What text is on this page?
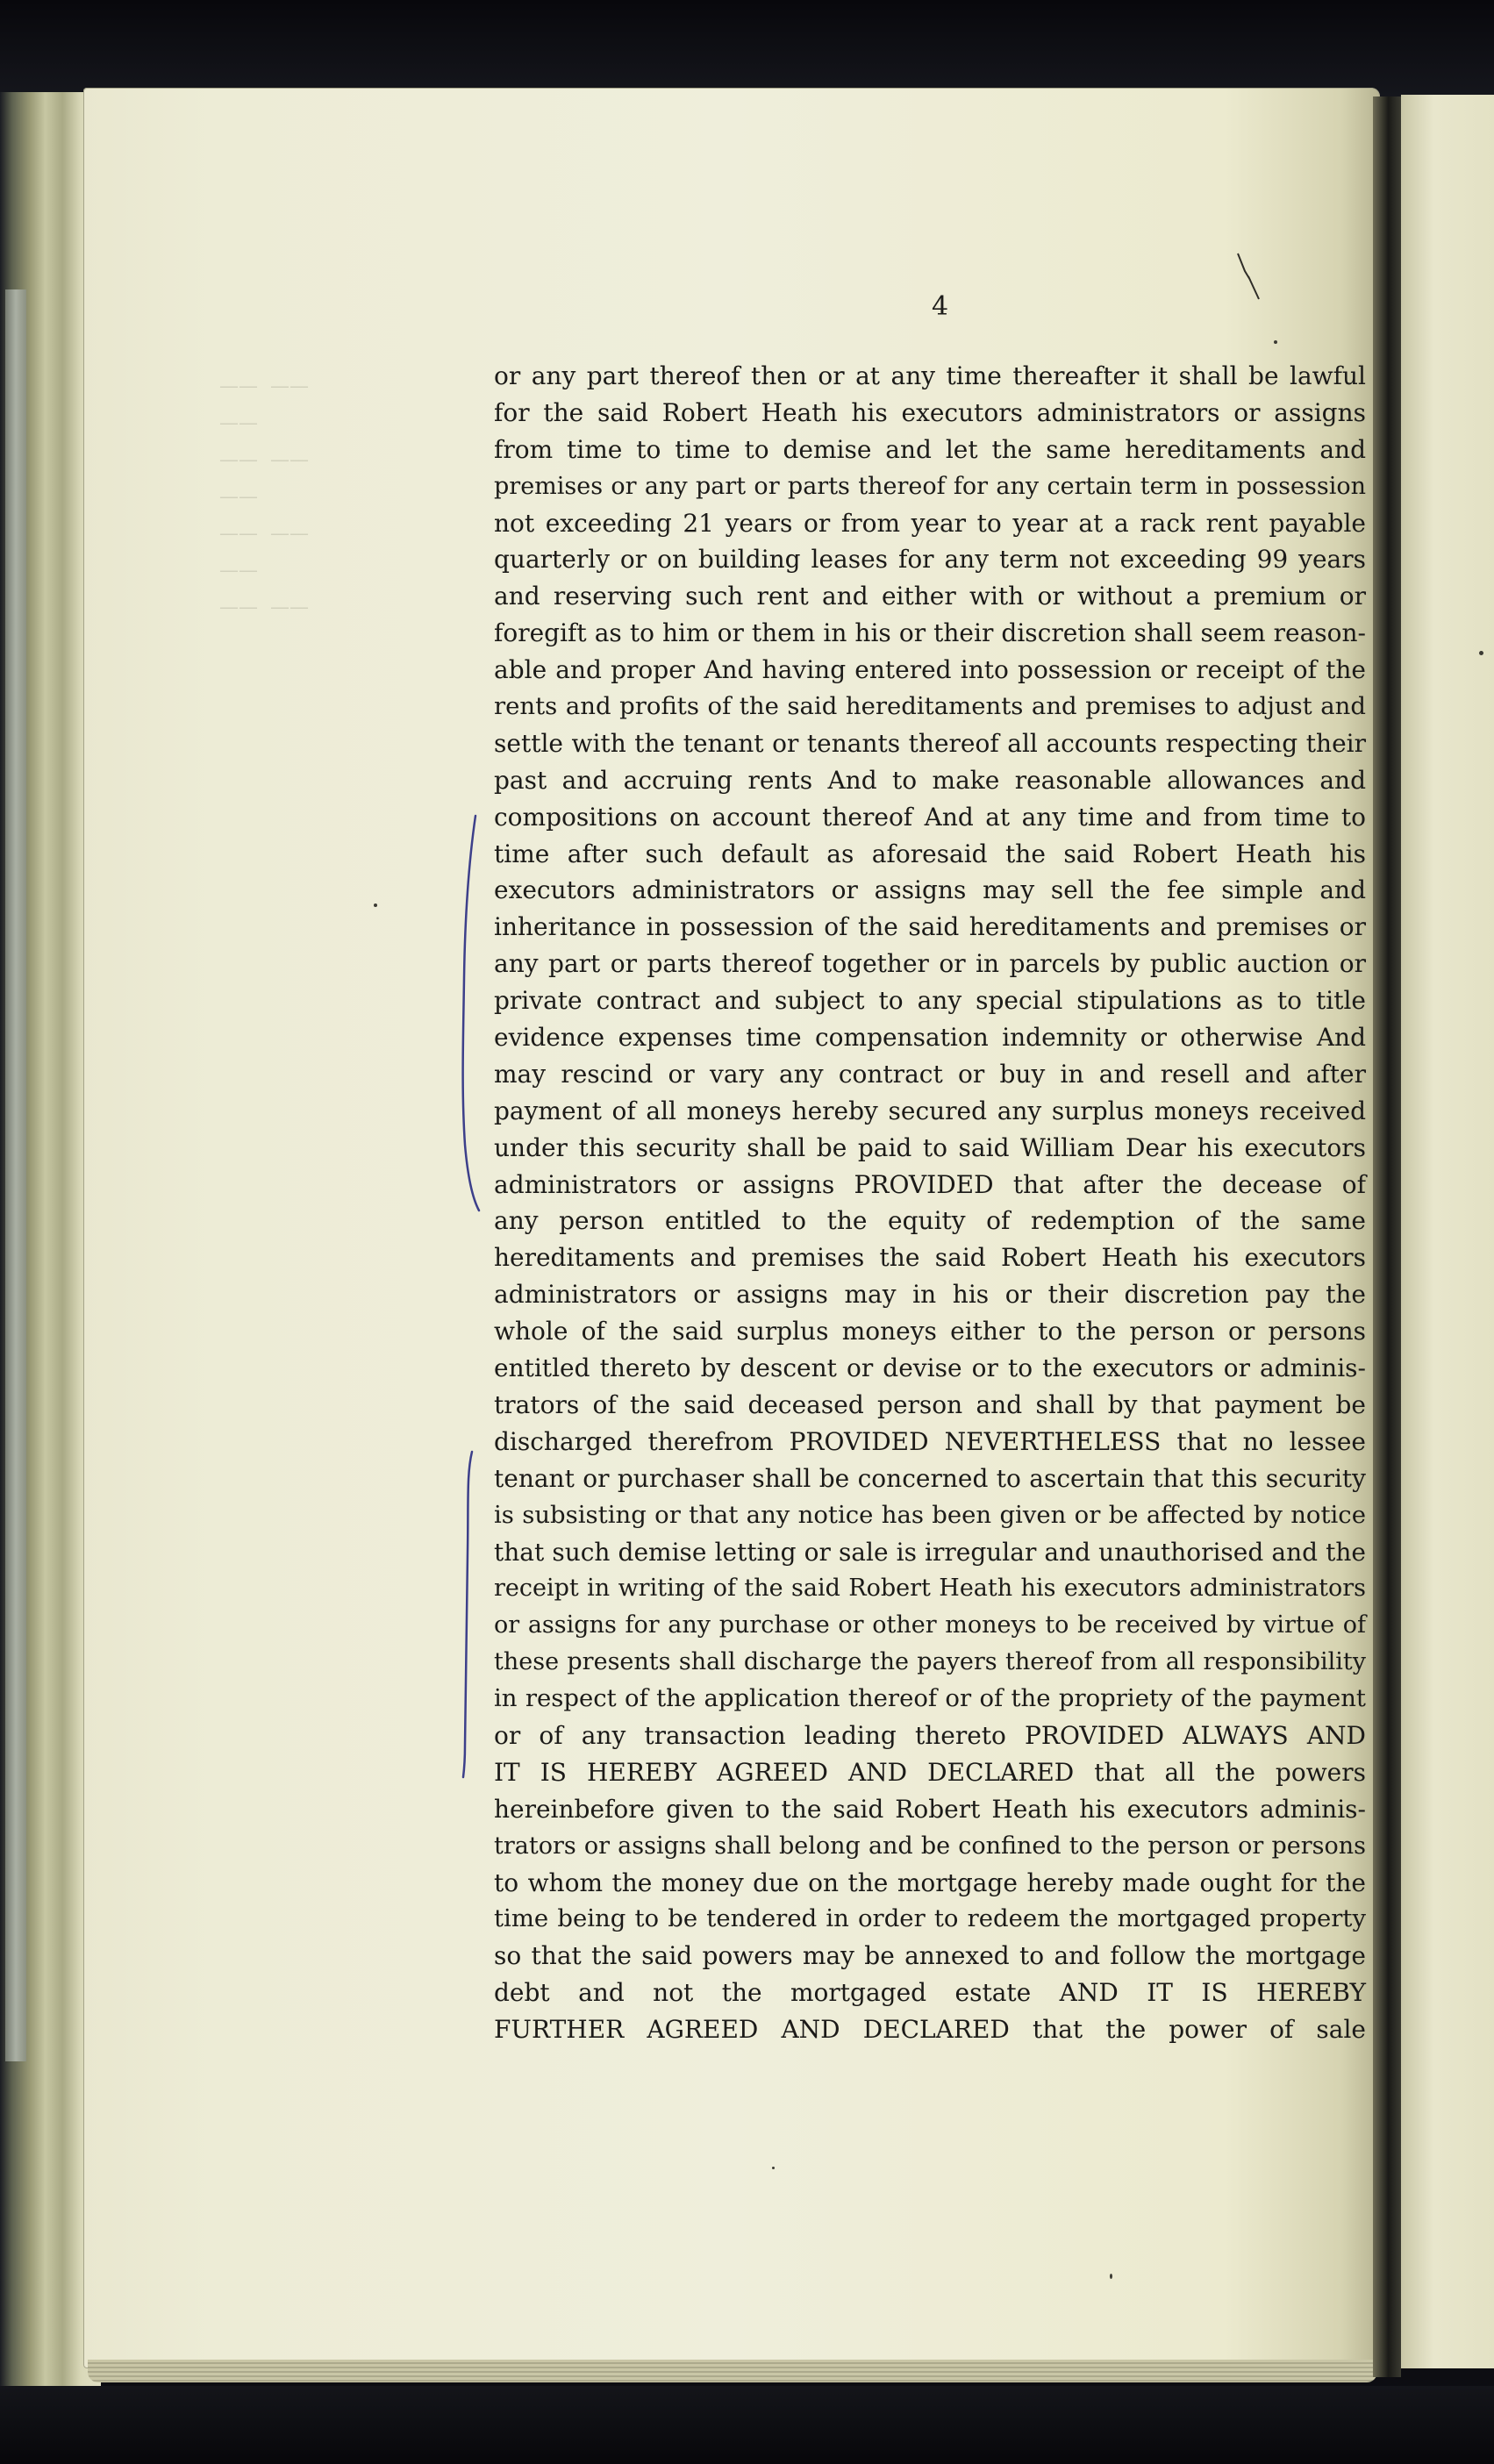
——  ——
——
——  ——
——
——  ——
——
——  ——
4
or any part thereof then or at any time thereafter it shall be lawful
for the said Robert Heath his executors administrators or assigns
from time to time to demise and let the same hereditaments and
premises or any part or parts thereof for any certain term in possession
not exceeding 21 years or from year to year at a rack rent payable
quarterly or on building leases for any term not exceeding 99 years
and reserving such rent and either with or without a premium or
foregift as to him or them in his or their discretion shall seem reason-
able and proper And having entered into possession or receipt of the
rents and profits of the said hereditaments and premises to adjust and
settle with the tenant or tenants thereof all accounts respecting their
past and accruing rents And to make reasonable allowances and
compositions on account thereof And at any time and from time to
time after such default as aforesaid the said Robert Heath his
executors administrators or assigns may sell the fee simple and
inheritance in possession of the said hereditaments and premises or
any part or parts thereof together or in parcels by public auction or
private contract and subject to any special stipulations as to title
evidence expenses time compensation indemnity or otherwise And
may rescind or vary any contract or buy in and resell and after
payment of all moneys hereby secured any surplus moneys received
under this security shall be paid to said William Dear his executors
administrators or assigns PROVIDED that after the decease of
any person entitled to the equity of redemption of the same
hereditaments and premises the said Robert Heath his executors
administrators or assigns may in his or their discretion pay the
whole of the said surplus moneys either to the person or persons
entitled thereto by descent or devise or to the executors or adminis-
trators of the said deceased person and shall by that payment be
discharged therefrom PROVIDED NEVERTHELESS that no lessee
tenant or purchaser shall be concerned to ascertain that this security
is subsisting or that any notice has been given or be affected by notice
that such demise letting or sale is irregular and unauthorised and the
receipt in writing of the said Robert Heath his executors administrators
or assigns for any purchase or other moneys to be received by virtue of
these presents shall discharge the payers thereof from all responsibility
in respect of the application thereof or of the propriety of the payment
or of any transaction leading thereto PROVIDED ALWAYS AND
IT IS HEREBY AGREED AND DECLARED that all the powers
hereinbefore given to the said Robert Heath his executors adminis-
trators or assigns shall belong and be confined to the person or persons
to whom the money due on the mortgage hereby made ought for the
time being to be tendered in order to redeem the mortgaged property
so that the said powers may be annexed to and follow the mortgage
debt and not the mortgaged estate AND IT IS HEREBY
FURTHER AGREED AND DECLARED that the power of sale
